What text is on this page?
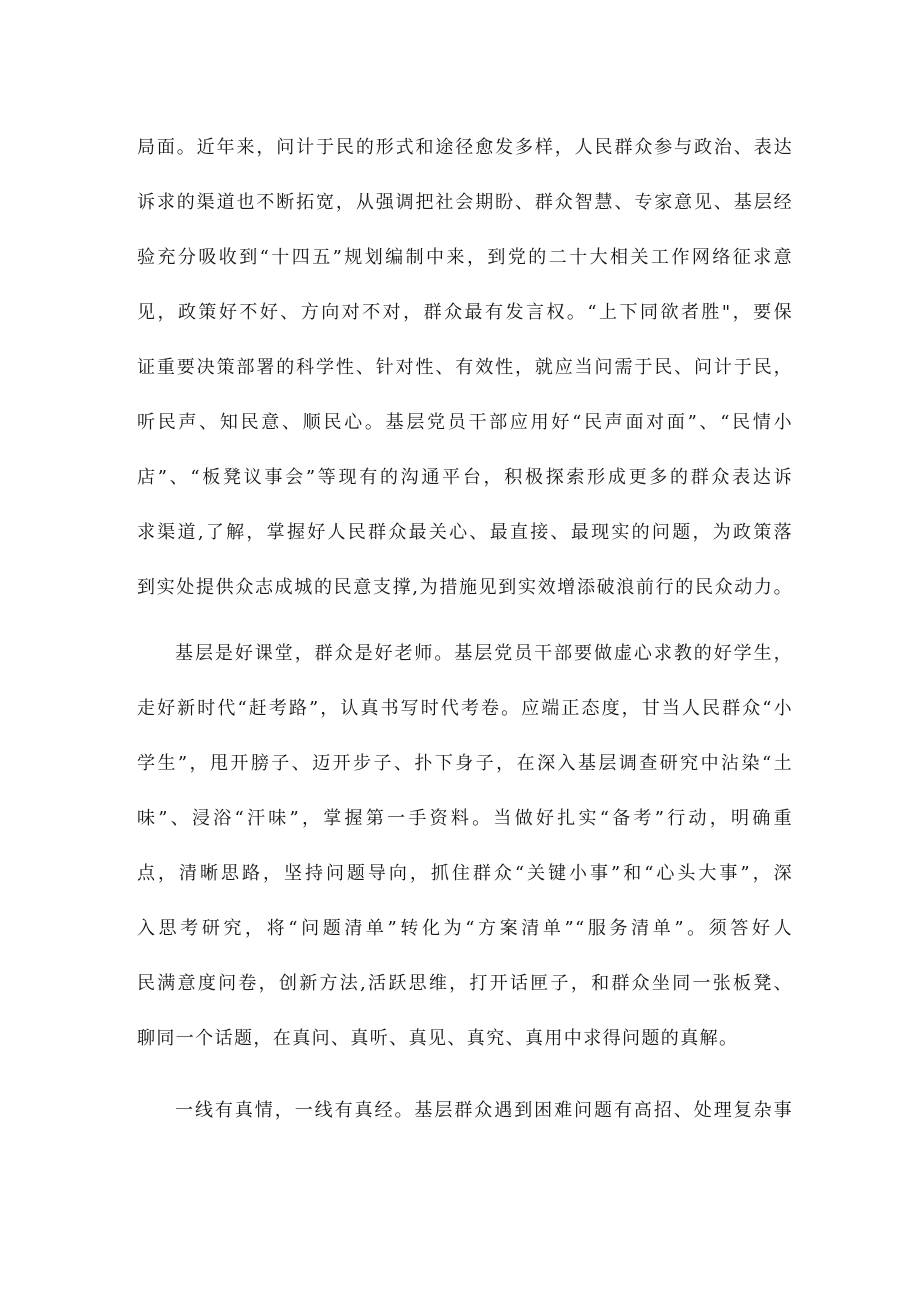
局面。近年来，问计于民的形式和途径愈发多样，人民群众参与政治、表达
诉求的渠道也不断拓宽，从强调把社会期盼、群众智慧、专家意见、基层经
验充分吸收到“十四五”规划编制中来，到党的二十大相关工作网络征求意
见，政策好不好、方向对不对，群众最有发言权。“上下同欲者胜"，要保
证重要决策部署的科学性、针对性、有效性，就应当问需于民、问计于民，
听民声、知民意、顺民心。基层党员干部应用好“民声面对面”、“民情小
店”、“板凳议事会”等现有的沟通平台，积极探索形成更多的群众表达诉
求渠道,了解，掌握好人民群众最关心、最直接、最现实的问题，为政策落
到实处提供众志成城的民意支撑,为措施见到实效增添破浪前行的民众动力。
基层是好课堂，群众是好老师。基层党员干部要做虚心求教的好学生，
走好新时代“赶考路”，认真书写时代考卷。应端正态度，甘当人民群众“小
学生”，甩开膀子、迈开步子、扑下身子，在深入基层调查研究中沾染“土
味”、浸浴“汗味”，掌握第一手资料。当做好扎实“备考”行动，明确重
点，清晰思路，坚持问题导向，抓住群众“关键小事”和“心头大事”，深
入思考研究，将“问题清单”转化为“方案清单”“服务清单”。须答好人
民满意度问卷，创新方法,活跃思维，打开话匣子，和群众坐同一张板凳、
聊同一个话题，在真问、真听、真见、真究、真用中求得问题的真解。
一线有真情，一线有真经。基层群众遇到困难问题有高招、处理复杂事
